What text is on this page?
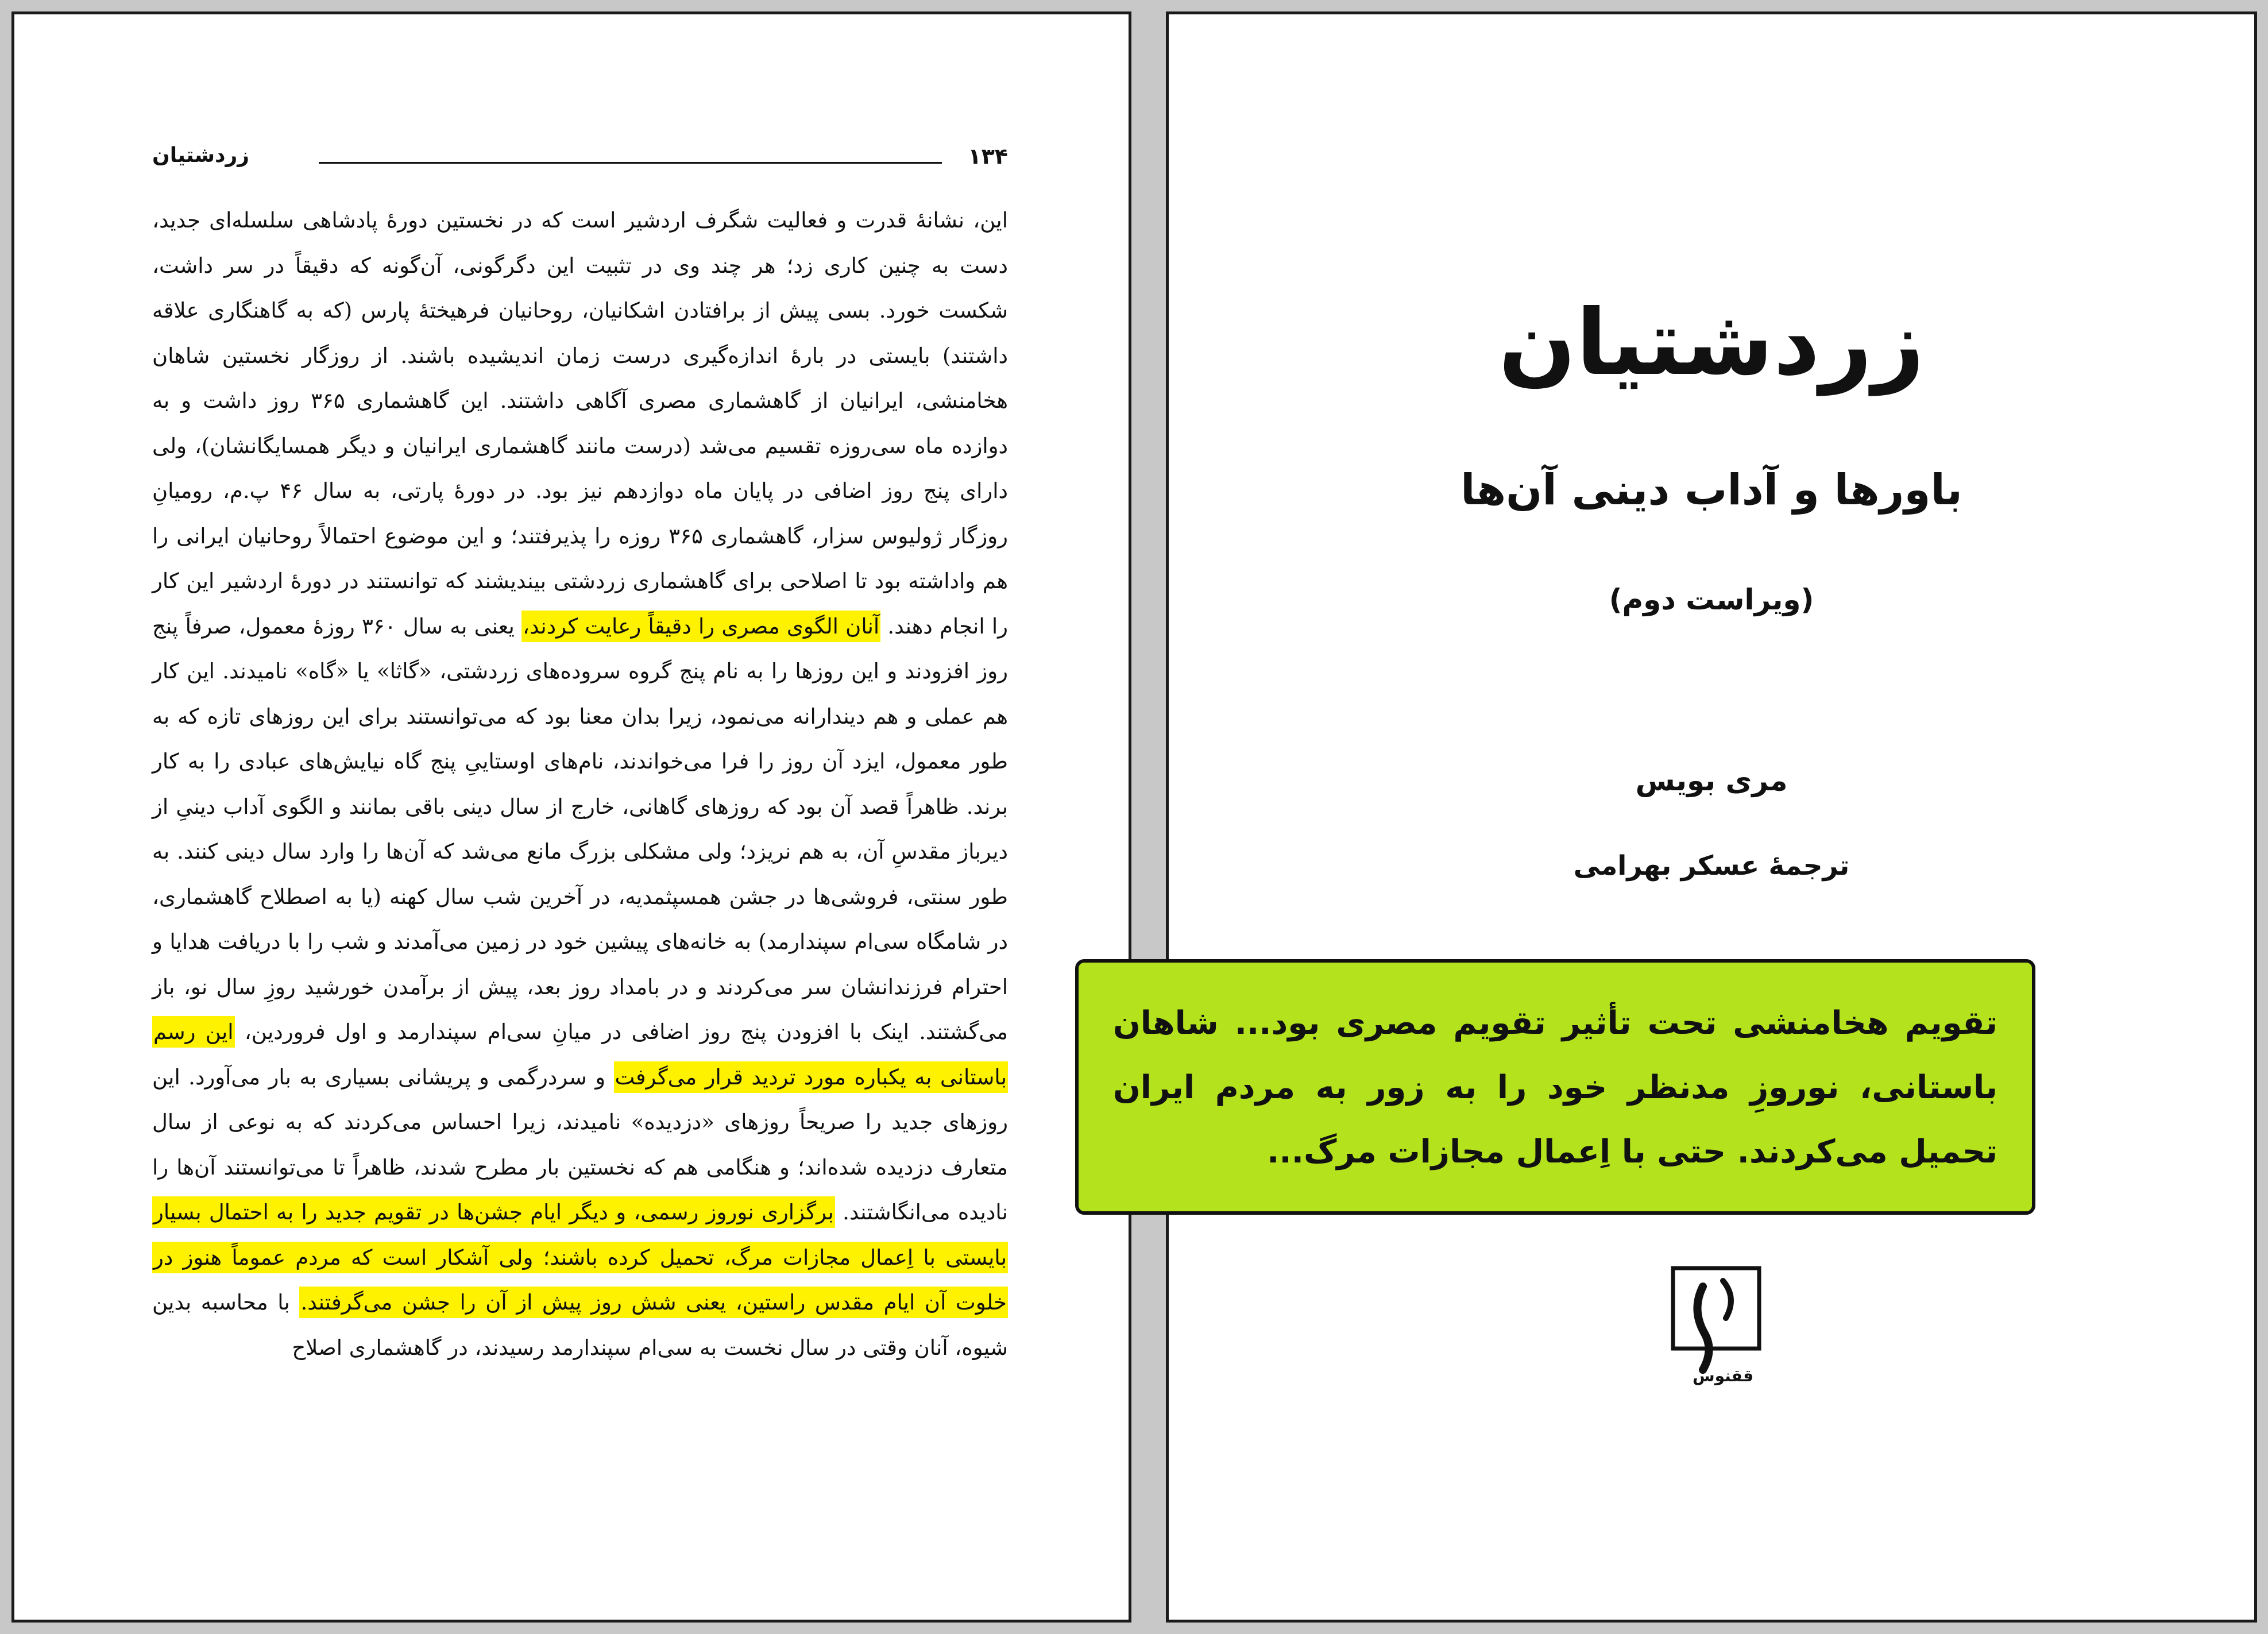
۱۳۴
زردشتیان
این، نشانهٔ قدرت و فعالیت شگرف اردشیر است که در نخستین دورهٔ پادشاهی سلسله‌ای جدید، دست به چنین کاری زد؛ هر چند وی در تثبیت این دگرگونی، آن‌گونه که دقیقاً در سر داشت، شکست خورد. بسی پیش از برافتادن اشکانیان، روحانیان فرهیختهٔ پارس (که به گاهنگاری علاقه داشتند) بایستی در بارهٔ اندازه‌گیری درست زمان اندیشیده باشند. از روزگار نخستین شاهان هخامنشی، ایرانیان از گاهشماری مصری آگاهی داشتند. این گاهشماری ۳۶۵ روز داشت و به دوازده ماه سی‌روزه تقسیم می‌شد (درست مانند گاهشماری ایرانیان و دیگر همسایگانشان)، ولی دارای پنج روز اضافی در پایان ماه دوازدهم نیز بود. در دورهٔ پارتی، به سال ۴۶ پ.م، رومیانِ روزگار ژولیوس سزار، گاهشماری ۳۶۵ روزه را پذیرفتند؛ و این موضوع احتمالاً روحانیان ایرانی را هم واداشته بود تا اصلاحی برای گاهشماری زردشتی بیندیشند که توانستند در دورهٔ اردشیر این کار را انجام دهند. آنان الگوی مصری را دقیقاً رعایت کردند، یعنی به سال ۳۶۰ روزهٔ معمول، صرفاً پنج روز افزودند و این روزها را به نام پنج گروه سروده‌های زردشتی، «گاثا» یا «گاه» نامیدند. این کار هم عملی و هم دیندارانه می‌نمود، زیرا بدان معنا بود که می‌توانستند برای این روزهای تازه که به طور معمول، ایزد آن روز را فرا می‌خواندند، نام‌های اوستاییِ پنج گاه نیایش‌های عبادی را به کار برند. ظاهراً قصد آن بود که روزهای گاهانی، خارج از سال دینی باقی بمانند و الگوی آداب دینیِ از دیرباز مقدسِ آن، به هم نریزد؛ ولی مشکلی بزرگ مانع می‌شد که آن‌ها را وارد سال دینی کنند. به طور سنتی، فروشی‌ها در جشن همسپثمدیه، در آخرین شب سال کهنه (یا به اصطلاح گاهشماری، در شامگاه سی‌ام سپندارمد) به خانه‌های پیشین خود در زمین می‌آمدند و شب را با دریافت هدایا و احترام فرزندانشان سر می‌کردند و در بامداد روز بعد، پیش از برآمدن خورشید روزِ سال نو، باز می‌گشتند. اینک با افزودن پنج روز اضافی در میانِ سی‌ام سپندارمد و اول فروردین، این رسم باستانی به یکباره مورد تردید قرار می‌گرفت و سردرگمی و پریشانی بسیاری به بار می‌آورد. این روزهای جدید را صریحاً روزهای «دزدیده» نامیدند، زیرا احساس می‌کردند که به نوعی از سال متعارف دزدیده شده‌اند؛ و هنگامی هم که نخستین بار مطرح شدند، ظاهراً تا می‌توانستند آن‌ها را نادیده می‌انگاشتند. برگزاری نوروز رسمی، و دیگر ایام جشن‌ها در تقویم جدید را به احتمال بسیار بایستی با اِعمال مجازات مرگ، تحمیل کرده باشند؛ ولی آشکار است که مردم عموماً هنوز در خلوت آن ایام مقدس راستین، یعنی شش روز پیش از آن را جشن می‌گرفتند. با محاسبه بدین شیوه، آنان وقتی در سال نخست به سی‌ام سپندارمد رسیدند، در گاهشماری اصلاح
زردشتیان
باورها و آداب دینی آن‌ها
(ویراست دوم)
مری بویس
ترجمهٔ عسکر بهرامی
ققنوس
تقویم هخامنشی تحت تأثیر تقویم مصری بود... شاهان باستانی، نوروزِ مدنظر خود را به زور به مردم ایران تحمیل می‌کردند. حتی با اِعمال مجازات مرگ...
